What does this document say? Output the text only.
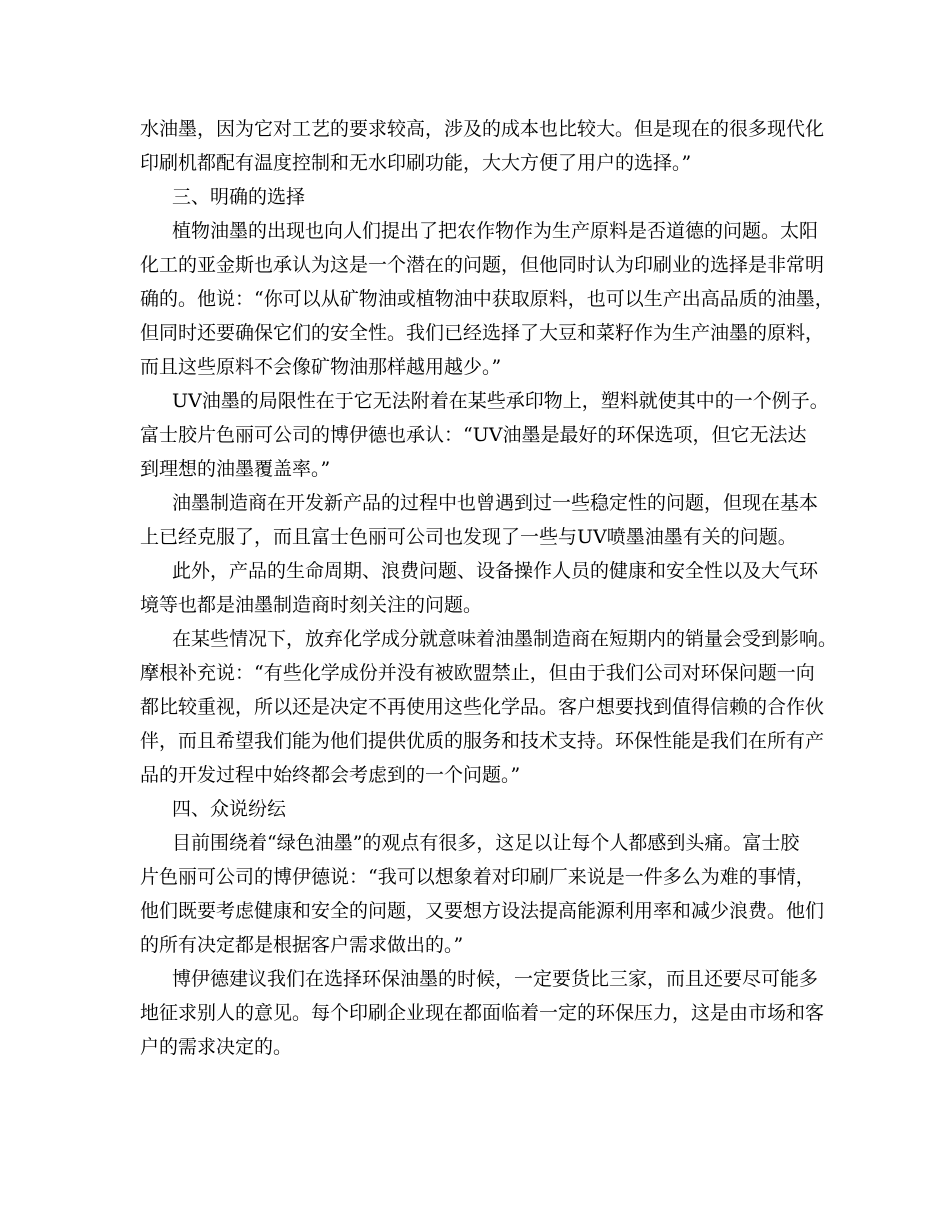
水油墨，因为它对工艺的要求较高，涉及的成本也比较大。但是现在的很多现代化
印刷机都配有温度控制和无水印刷功能，大大方便了用户的选择。”
三、明确的选择
植物油墨的出现也向人们提出了把农作物作为生产原料是否道德的问题。太阳
化工的亚金斯也承认为这是一个潜在的问题，但他同时认为印刷业的选择是非常明
确的。他说：“你可以从矿物油或植物油中获取原料，也可以生产出高品质的油墨，
但同时还要确保它们的安全性。我们已经选择了大豆和菜籽作为生产油墨的原料，
而且这些原料不会像矿物油那样越用越少。”
UV油墨的局限性在于它无法附着在某些承印物上，塑料就使其中的一个例子。
富士胶片色丽可公司的博伊德也承认：“UV油墨是最好的环保选项，但它无法达
到理想的油墨覆盖率。”
油墨制造商在开发新产品的过程中也曾遇到过一些稳定性的问题，但现在基本
上已经克服了，而且富士色丽可公司也发现了一些与UV喷墨油墨有关的问题。
此外，产品的生命周期、浪费问题、设备操作人员的健康和安全性以及大气环
境等也都是油墨制造商时刻关注的问题。
在某些情况下，放弃化学成分就意味着油墨制造商在短期内的销量会受到影响。
摩根补充说：“有些化学成份并没有被欧盟禁止，但由于我们公司对环保问题一向
都比较重视，所以还是决定不再使用这些化学品。客户想要找到值得信赖的合作伙
伴，而且希望我们能为他们提供优质的服务和技术支持。环保性能是我们在所有产
品的开发过程中始终都会考虑到的一个问题。”
四、众说纷纭
目前围绕着“绿色油墨”的观点有很多，这足以让每个人都感到头痛。富士胶
片色丽可公司的博伊德说：“我可以想象着对印刷厂来说是一件多么为难的事情，
他们既要考虑健康和安全的问题，又要想方设法提高能源利用率和减少浪费。他们
的所有决定都是根据客户需求做出的。”
博伊德建议我们在选择环保油墨的时候，一定要货比三家，而且还要尽可能多
地征求别人的意见。每个印刷企业现在都面临着一定的环保压力，这是由市场和客
户的需求决定的。
